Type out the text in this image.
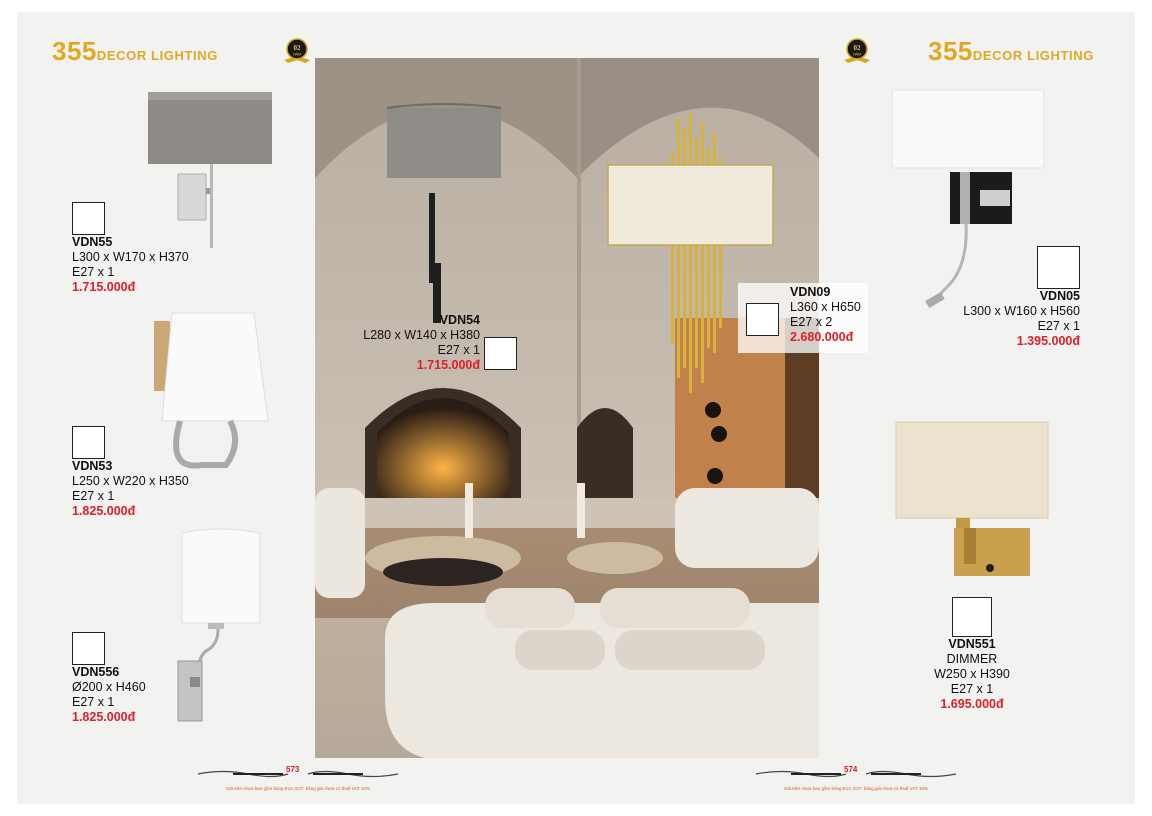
355DECOR LIGHTING	355DECOR LIGHTING
02
NĂM
02
NĂM
VDN55
L300 x W170 x H370
E27 x 1
1.715.000đ
VDN53
L250 x W220 x H350
E27 x 1
1.825.000đ
VDN556
Ø200 x H460
E27 x 1
1.825.000đ
VDN54
L280 x W140 x H380
E27 x 1
1.715.000đ
VDN09
L360 x H650
E27 x 2
2.680.000đ
VDN05
L300 x W160 x H560
E27 x 1
1.395.000đ
VDN551
DIMMER
W250 x H390
E27 x 1
1.695.000đ
573
Giá trên chưa bao gồm bóng E14, E27; bảng giá chưa có thuế VAT 10%
574
Giá trên chưa bao gồm bóng E14, E27; bảng giá chưa có thuế VAT 10%
